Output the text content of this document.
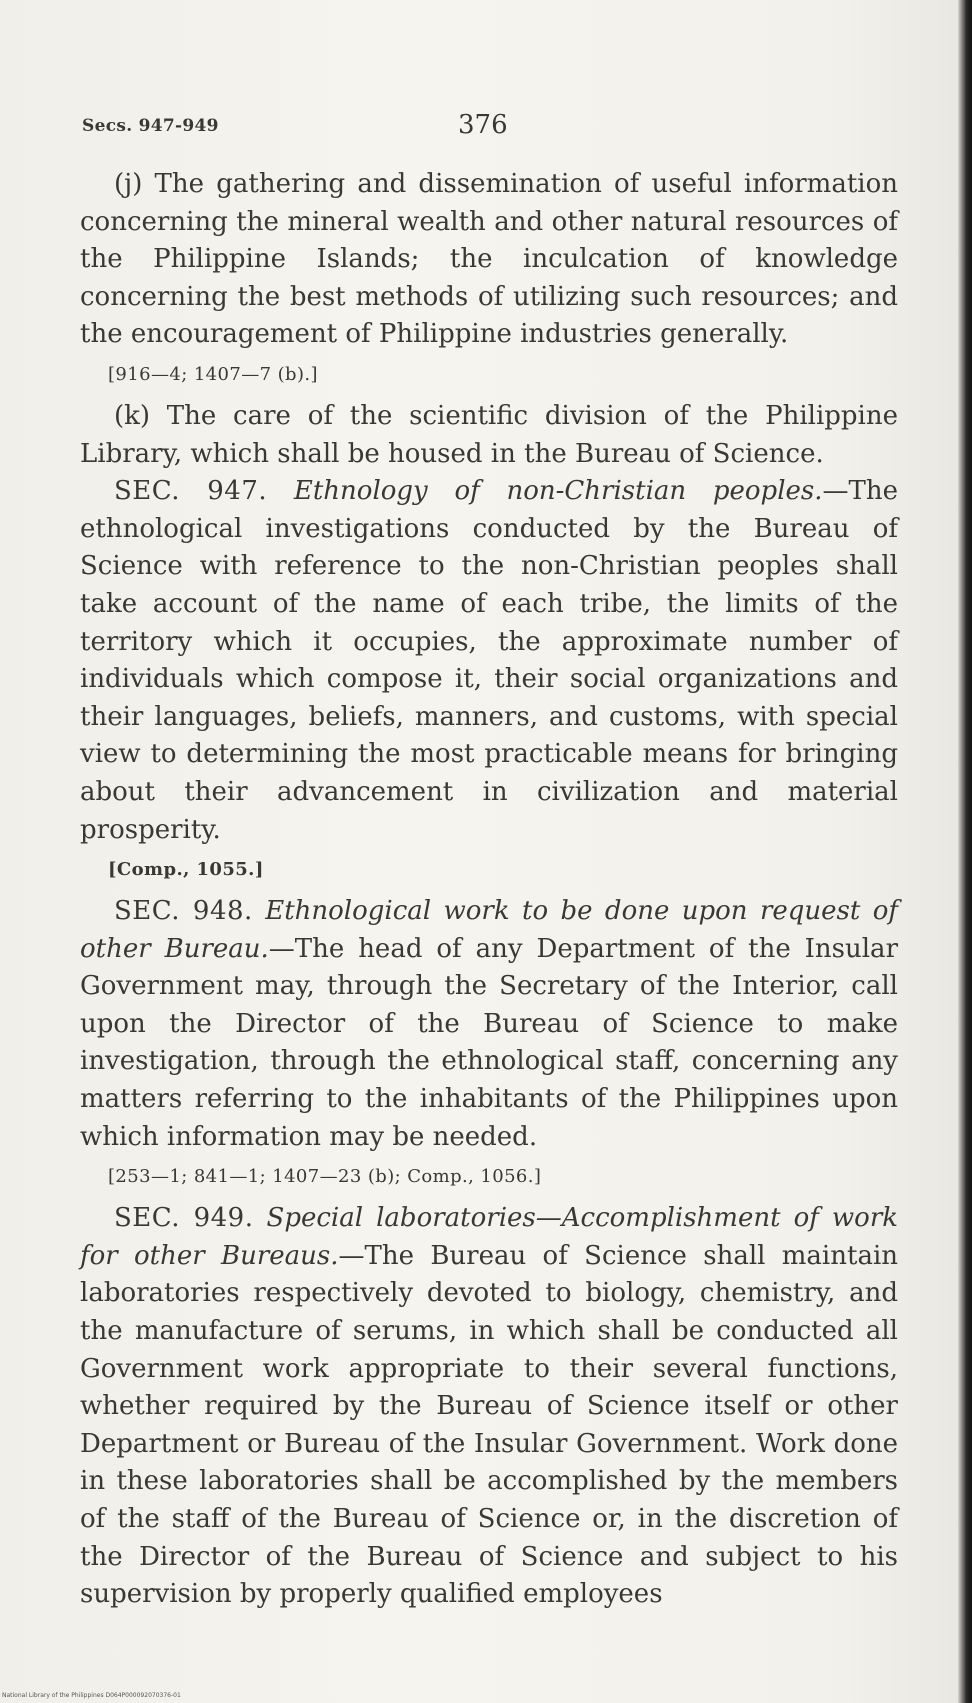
Secs. 947-949	376

(j) The gathering and dissemination of useful information concerning the mineral wealth and other natural resources of the Philippine Islands; the inculcation of knowledge concerning the best methods of utilizing such resources; and the encouragement of Philippine industries generally.

[916—4; 1407—7 (b).]

(k) The care of the scientific division of the Philippine Library, which shall be housed in the Bureau of Science.

SEC. 947. Ethnology of non-Christian peoples.—The ethnological investigations conducted by the Bureau of Science with reference to the non-Christian peoples shall take account of the name of each tribe, the limits of the territory which it occupies, the approximate number of individuals which compose it, their social organizations and their languages, beliefs, manners, and customs, with special view to determining the most practicable means for bringing about their advancement in civilization and material prosperity.

[Comp., 1055.]

SEC. 948. Ethnological work to be done upon request of other Bureau.—The head of any Department of the Insular Government may, through the Secretary of the Interior, call upon the Director of the Bureau of Science to make investigation, through the ethnological staff, concerning any matters referring to the inhabitants of the Philippines upon which information may be needed.

[253—1; 841—1; 1407—23 (b); Comp., 1056.]

SEC. 949. Special laboratories—Accomplishment of work for other Bureaus.—The Bureau of Science shall maintain laboratories respectively devoted to biology, chemistry, and the manufacture of serums, in which shall be conducted all Government work appropriate to their several functions, whether required by the Bureau of Science itself or other Department or Bureau of the Insular Government. Work done in these laboratories shall be accomplished by the members of the staff of the Bureau of Science or, in the discretion of the Director of the Bureau of Science and subject to his supervision by properly qualified employees

National Library of the Philippines D064P000092070376-01
